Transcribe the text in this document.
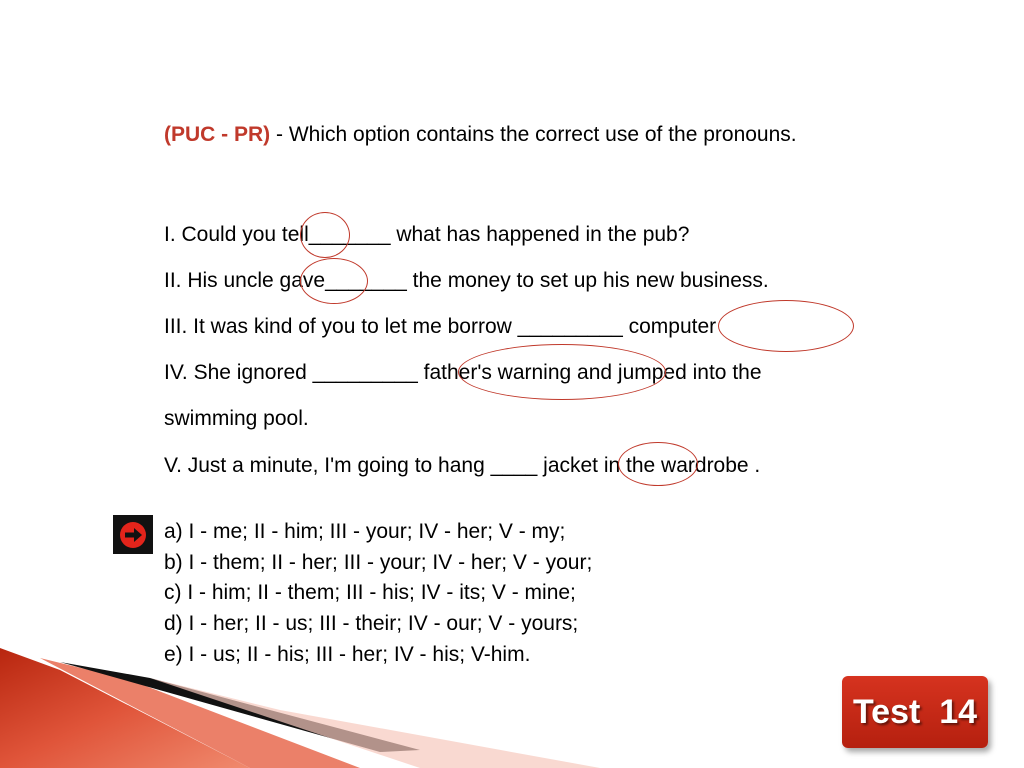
(PUC - PR) - Which option contains the correct use of the pronouns.
I. Could you tell_______ what has happened in the pub?
II. His uncle gave_______ the money to set up his new business.
III. It was kind of you to let me borrow _________ computer
IV. She ignored _________ father's warning and jumped into the
swimming pool.
V. Just a minute, I'm going to hang ____ jacket in the wardrobe .
a) I - me; II - him; III - your; IV - her; V - my;
b) I - them; II - her; III - your; IV - her; V - your;
c) I - him; II - them; III - his; IV - its; V - mine;
d) I - her; II - us; III - their; IV - our; V - yours;
e) I - us; II - his; III - her; IV - his; V-him.
Test  14
